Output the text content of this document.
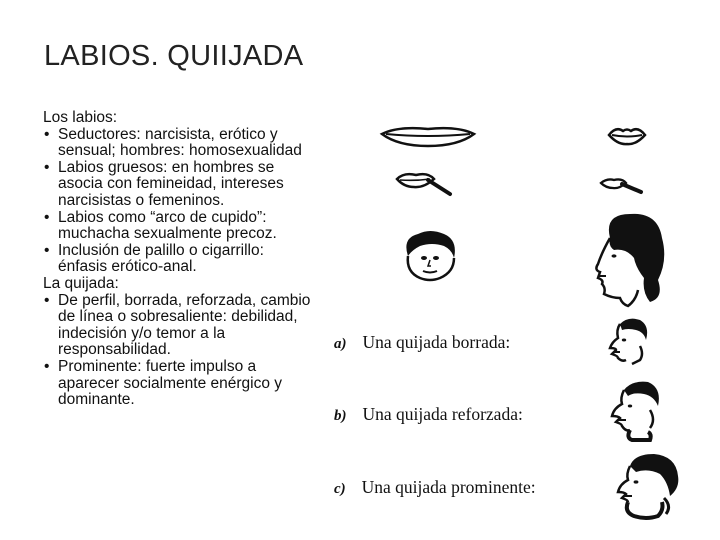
LABIOS. QUIIJADA
Los labios:
• Seductores: narcisista, erótico y sensual; hombres: homosexualidad
• Labios gruesos: en hombres se asocia con femineidad, intereses narcisistas o femeninos.
• Labios como “arco de cupido”: muchacha sexualmente precoz.
• Inclusión de palillo o cigarrillo: énfasis erótico-anal.
La quijada:
• De perfil, borrada, reforzada, cambio de línea o sobresaliente: debilidad, indecisión y/o temor a la responsabilidad.
• Prominente: fuerte impulso a aparecer socialmente enérgico y dominante.
a) Una quijada borrada:
b) Una quijada reforzada:
c) Una quijada prominente:
